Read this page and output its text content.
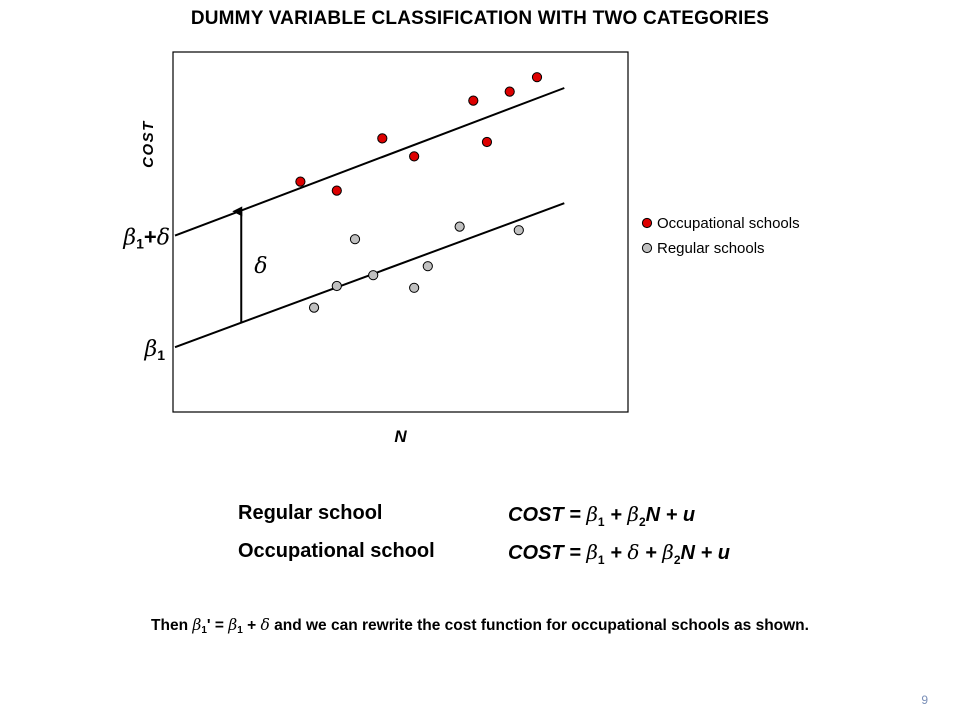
DUMMY VARIABLE CLASSIFICATION WITH TWO CATEGORIES
δ
N
COST
β1
β1+δ
Occupational schools
Regular schools
Regular school	COST = $\beta_1 + \beta_2N + u$
Occupational school	COST = $\beta_1 + \delta + \beta_2N + u$
Then $\beta_1' = \beta_1 + \delta$ and we can rewrite the cost function for occupational schools as shown.
9
